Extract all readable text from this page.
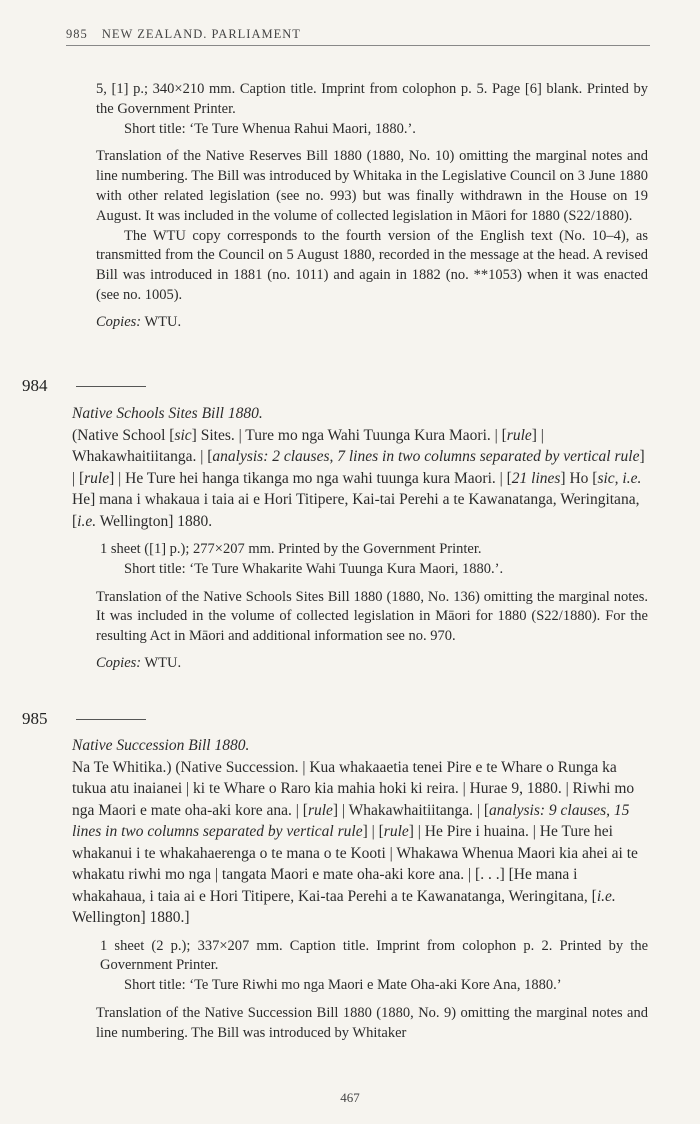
985 NEW ZEALAND. PARLIAMENT

5, [1] p.; 340×210 mm. Caption title. Imprint from colophon p. 5. Page [6] blank. Printed by the Government Printer.

Short title: ‘Te Ture Whenua Rahui Maori, 1880.’.

Translation of the Native Reserves Bill 1880 (1880, No. 10) omitting the marginal notes and line numbering. The Bill was introduced by Whitaka in the Legislative Council on 3 June 1880 with other related legislation (see no. 993) but was finally withdrawn in the House on 19 August. It was included in the volume of collected legislation in Māori for 1880 (S22/1880).

The WTU copy corresponds to the fourth version of the English text (No. 10–4), as transmitted from the Council on 5 August 1880, recorded in the message at the head. A revised Bill was introduced in 1881 (no. 1011) and again in 1882 (no. **1053) when it was enacted (see no. 1005).

Copies: WTU.

984

Native Schools Sites Bill 1880.

(Native School [sic] Sites. | Ture mo nga Wahi Tuunga Kura Maori. | [rule] | Whakawhaitiitanga. | [analysis: 2 clauses, 7 lines in two columns separated by vertical rule] | [rule] | He Ture hei hanga tikanga mo nga wahi tuunga kura Maori. | [21 lines] Ho [sic, i.e. He] mana i whakaua i taia ai e Hori Titipere, Kai-tai Perehi a te Kawanatanga, Weringitana, [i.e. Wellington] 1880.

1 sheet ([1] p.); 277×207 mm. Printed by the Government Printer.

Short title: ‘Te Ture Whakarite Wahi Tuunga Kura Maori, 1880.’.

Translation of the Native Schools Sites Bill 1880 (1880, No. 136) omitting the marginal notes. It was included in the volume of collected legislation in Māori for 1880 (S22/1880). For the resulting Act in Māori and additional information see no. 970.

Copies: WTU.

985

Native Succession Bill 1880.

Na Te Whitika.) (Native Succession. | Kua whakaaetia tenei Pire e te Whare o Runga ka tukua atu inaianei | ki te Whare o Raro kia mahia hoki ki reira. | Hurae 9, 1880. | Riwhi mo nga Maori e mate oha-aki kore ana. | [rule] | Whakawhaitiitanga. | [analysis: 9 clauses, 15 lines in two columns separated by vertical rule] | [rule] | He Pire i huaina. | He Ture hei whakanui i te whakahaerenga o te mana o te Kooti | Whakawa Whenua Maori kia ahei ai te whakatu riwhi mo nga | tangata Maori e mate oha-aki kore ana. | [. . .] [He mana i whakahaua, i taia ai e Hori Titipere, Kai-taa Perehi a te Kawanatanga, Weringitana, [i.e. Wellington] 1880.]

1 sheet (2 p.); 337×207 mm. Caption title. Imprint from colophon p. 2. Printed by the Government Printer.

Short title: ‘Te Ture Riwhi mo nga Maori e Mate Oha-aki Kore Ana, 1880.’

Translation of the Native Succession Bill 1880 (1880, No. 9) omitting the marginal notes and line numbering. The Bill was introduced by Whitaker

467
